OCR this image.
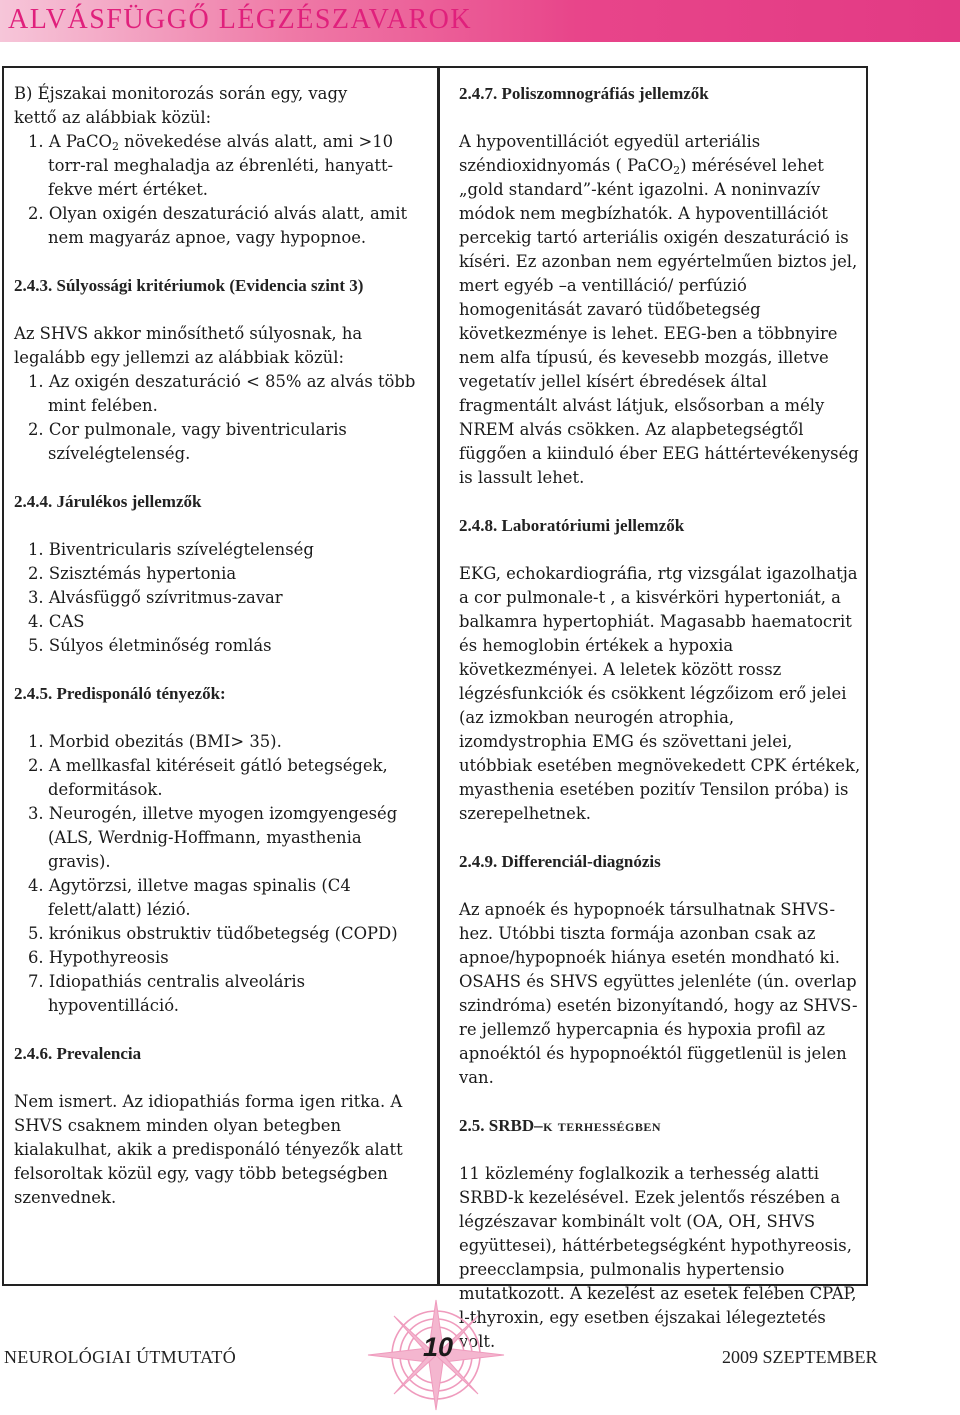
ALVÁSFÜGGŐ LÉGZÉSZAVAROK

B) Éjszakai monitorozás során egy, vagy
kettő az alábbiak közül:

1. A PaCO$_2$ növekedése alvás alatt, ami >10 torr-ral meghaladja az ébrenléti, hanyatt-fekve mért értéket.

2. Olyan oxigén deszaturáció alvás alatt, amit nem magyaráz apnoe, vagy hypopnoe.

2.4.3. Súlyossági kritériumok (Evidencia szint 3)

Az SHVS akkor minősíthető súlyosnak, ha legalább egy jellemzi az alábbiak közül:

1. Az oxigén deszaturáció < 85% az alvás több mint felében.

2. Cor pulmonale, vagy biventricularis szívelégtelenség.

2.4.4. Járulékos jellemzők

1. Biventricularis szívelégtelenség

2. Szisztémás hypertonia

3. Alvásfüggő szívritmus-zavar

4. CAS

5. Súlyos életminőség romlás

2.4.5. Predisponáló tényezők:

1. Morbid obezitás (BMI> 35).

2. A mellkasfal kitéréseit gátló betegségek, deformitások.

3. Neurogén, illetve myogen izomgyengeség (ALS, Werdnig-Hoffmann, myasthenia gravis).

4. Agytörzsi, illetve magas spinalis (C4 felett/alatt) lézió.

5. krónikus obstruktiv tüdőbetegség (COPD)

6. Hypothyreosis

7. Idiopathiás centralis alveoláris hypoventilláció.

2.4.6. Prevalencia

Nem ismert. Az idiopathiás forma igen ritka. A SHVS csaknem minden olyan betegben kialakulhat, akik a predisponáló tényezők alatt felsoroltak közül egy, vagy több betegségben szenvednek.

2.4.7. Poliszomnográfiás jellemzők

A hypoventillációt egyedül arteriális széndioxidnyomás ( PaCO$_2$) mérésével lehet „gold standard”-ként igazolni. A noninvazív módok nem megbízhatók. A hypoventillációt percekig tartó arteriális oxigén deszaturáció is kíséri. Ez azonban nem egyértelműen biztos jel, mert egyéb –a ventilláció/ perfúzió homogenitását zavaró tüdőbetegség következménye is lehet. EEG-ben a többnyire nem alfa típusú, és kevesebb mozgás, illetve vegetatív jellel kísért ébredések által fragmentált alvást látjuk, elsősorban a mély NREM alvás csökken. Az alapbetegségtől függően a kiinduló éber EEG háttértevékenység is lassult lehet.

2.4.8. Laboratóriumi jellemzők

EKG, echokardiográfia, rtg vizsgálat igazolhatja a cor pulmonale-t , a kisvérköri hypertoniát, a balkamra hypertophiát. Magasabb haematocrit és hemoglobin értékek a hypoxia következményei. A leletek között rossz légzésfunkciók és csökkent légzőizom erő jelei (az izmokban neurogén atrophia, izomdystrophia EMG és szövettani jelei, utóbbiak esetében megnövekedett CPK értékek, myasthenia esetében pozitív Tensilon próba) is szerepelhetnek.

2.4.9. Differenciál-diagnózis

Az apnoék és hypopnoék társulhatnak SHVS-hez. Utóbbi tiszta formája azonban csak az apnoe/hypopnoék hiánya esetén mondható ki. OSAHS és SHVS együttes jelenléte (ún. overlap szindróma) esetén bizonyítandó, hogy az SHVS-re jellemző hypercapnia és hypoxia profil az apnoéktól és hypopnoéktól függetlenül is jelen van.

2.5. SRBD–k terhességben

11 közlemény foglalkozik a terhesség alatti SRBD-k kezelésével. Ezek jelentős részében a légzészavar kombinált volt (OA, OH, SHVS együttesei), háttérbetegségként hypothyreosis, preecclampsia, pulmonalis hypertensio mutatkozott. A kezelést az esetek felében CPAP, l-thyroxin, egy esetben éjszakai lélegeztetés volt.

NEUROLÓGIAI ÚTMUTATÓ	10	2009 SZEPTEMBER
